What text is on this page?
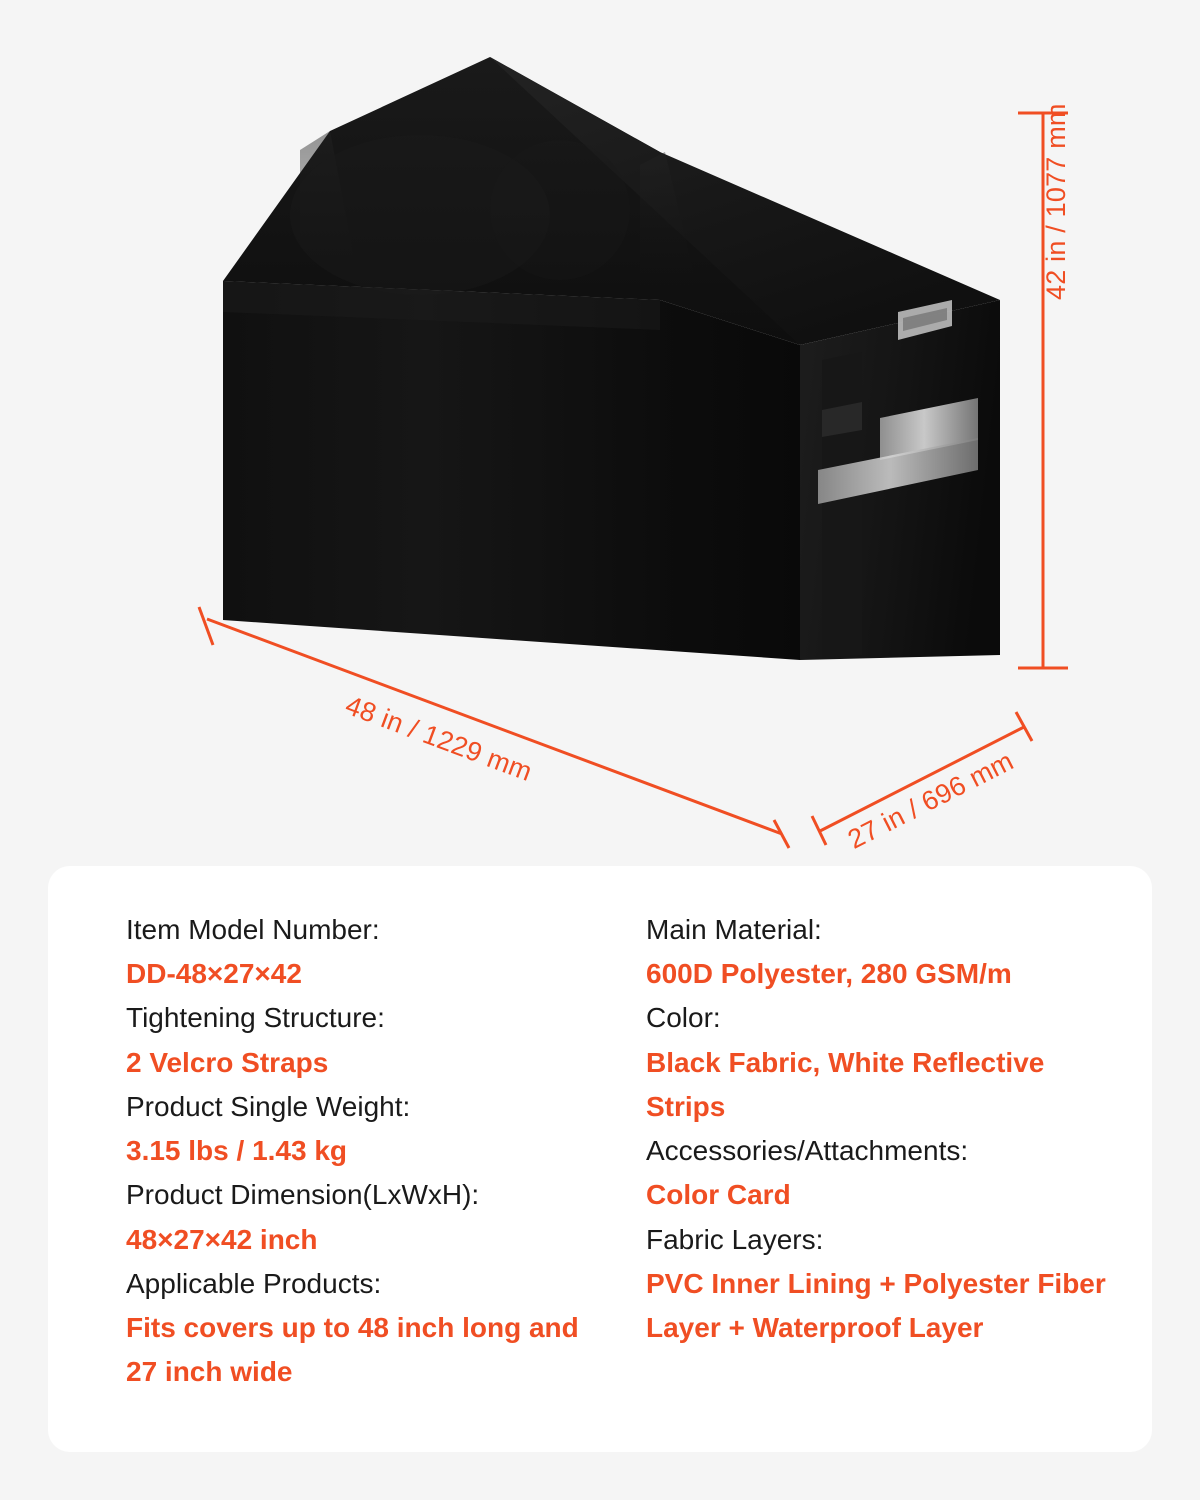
42 in / 1077 mm
48 in / 1229 mm
27 in / 696 mm
Item Model Number:
DD-48×27×42
Tightening Structure:
2 Velcro Straps
Product Single Weight:
3.15 lbs / 1.43 kg
Product Dimension(LxWxH):
48×27×42 inch
Applicable Products:
Fits covers up to 48 inch long and 27 inch wide
Main Material:
600D Polyester, 280 GSM/m
Color:
Black Fabric, White Reflective Strips
Accessories/Attachments:
Color Card
Fabric Layers:
PVC Inner Lining + Polyester Fiber Layer + Waterproof Layer
